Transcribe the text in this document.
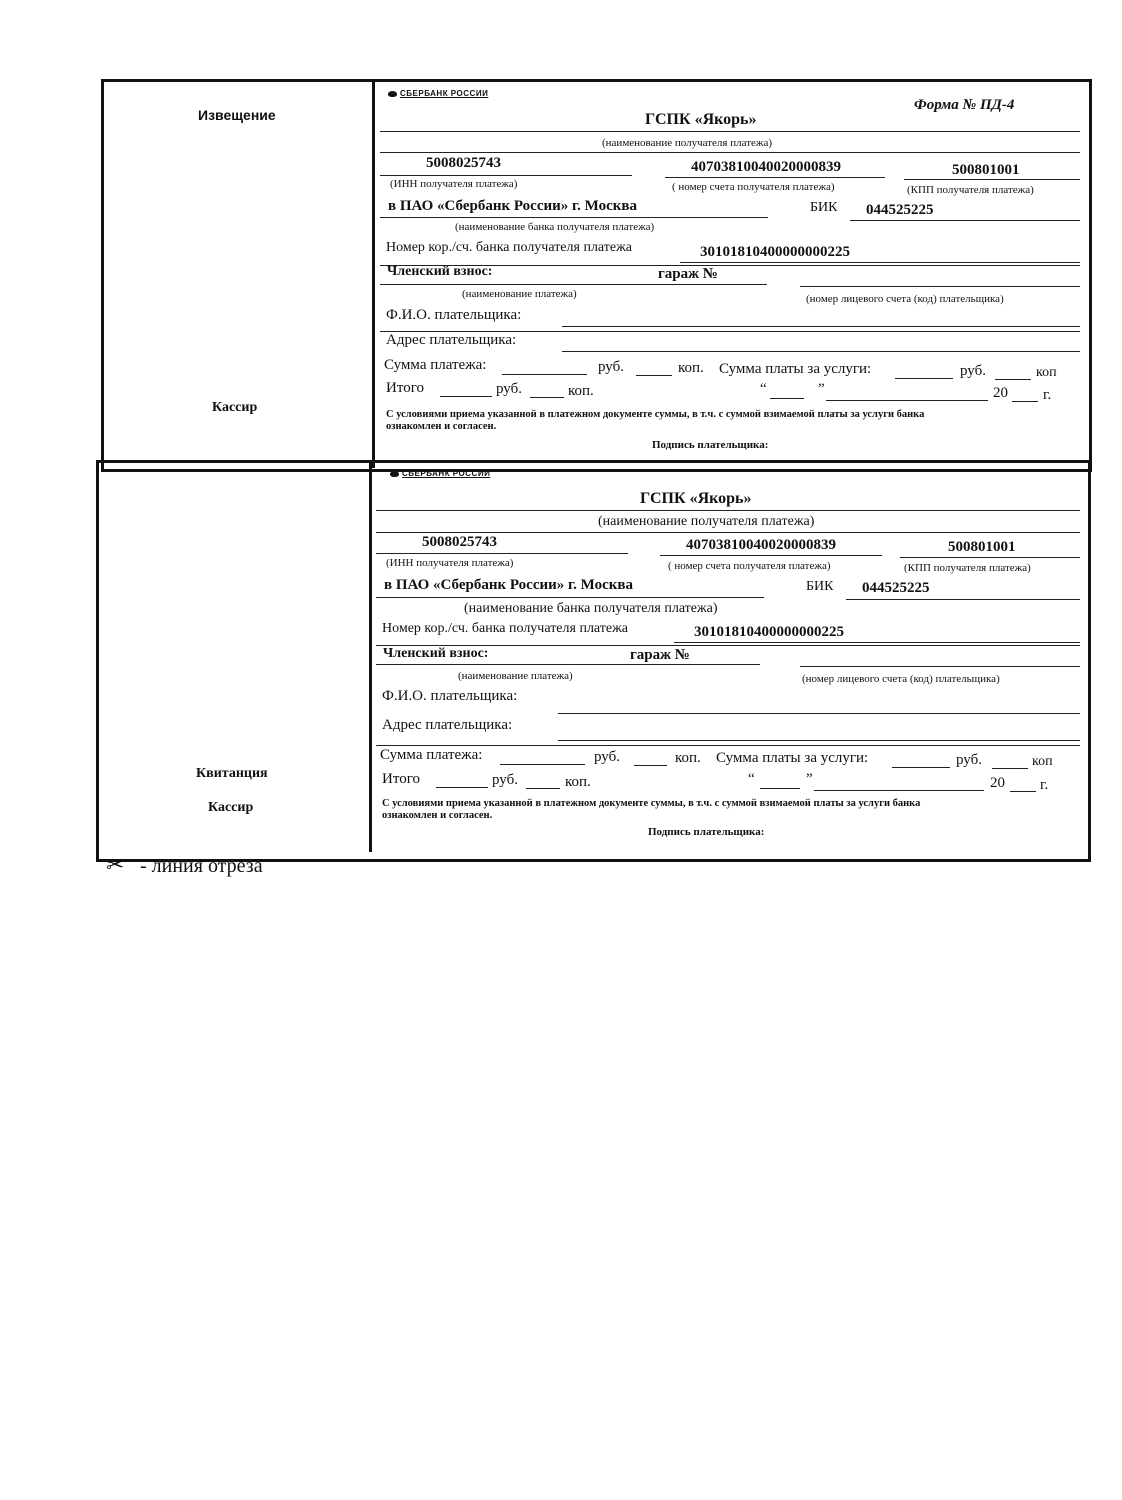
Извещение
Кассир
СБЕРБАНК РОССИИ
Форма № ПД-4
ГСПК «Якорь»
(наименование получателя платежа)
5008025743	40703810040020000839	500801001
(ИНН получателя платежа)	( номер счета получателя платежа)	(КПП получателя платежа)
в ПАО «Сбербанк России» г. Москва	БИК 044525225
(наименование банка получателя платежа)
Номер кор./сч. банка получателя платежа	30101810400000000225
Членский взнос:	гараж №
(наименование платежа)	(номер лицевого счета (код) плательщика)
Ф.И.О. плательщика:
Адрес плательщика:
Сумма платежа:	руб.	коп. Сумма платы за услуги:	руб.	коп
Итого	руб.	коп.	“	”	20 г.
С условиями приема указанной в платежном документе суммы, в т.ч. с суммой взимаемой платы за услуги банка
ознакомлен и согласен.
Подпись плательщика:
Квитанция
Кассир
СБЕРБАНК РОССИИ
ГСПК «Якорь»
(наименование получателя платежа)
5008025743	40703810040020000839	500801001
(ИНН получателя платежа)	( номер счета получателя платежа)	(КПП получателя платежа)
в ПАО «Сбербанк России» г. Москва	БИК 044525225
(наименование банка получателя платежа)
Номер кор./сч. банка получателя платежа	30101810400000000225
Членский взнос:	гараж №
(наименование платежа)	(номер лицевого счета (код) плательщика)
Ф.И.О. плательщика:
Адрес плательщика:
Сумма платежа:	руб.	коп. Сумма платы за услуги:	руб.	коп
Итого	руб.	коп.	“	”	20 г.
С условиями приема указанной в платежном документе суммы, в т.ч. с суммой взимаемой платы за услуги банка
ознакомлен и согласен.
Подпись плательщика:
✂ - линия отреза
